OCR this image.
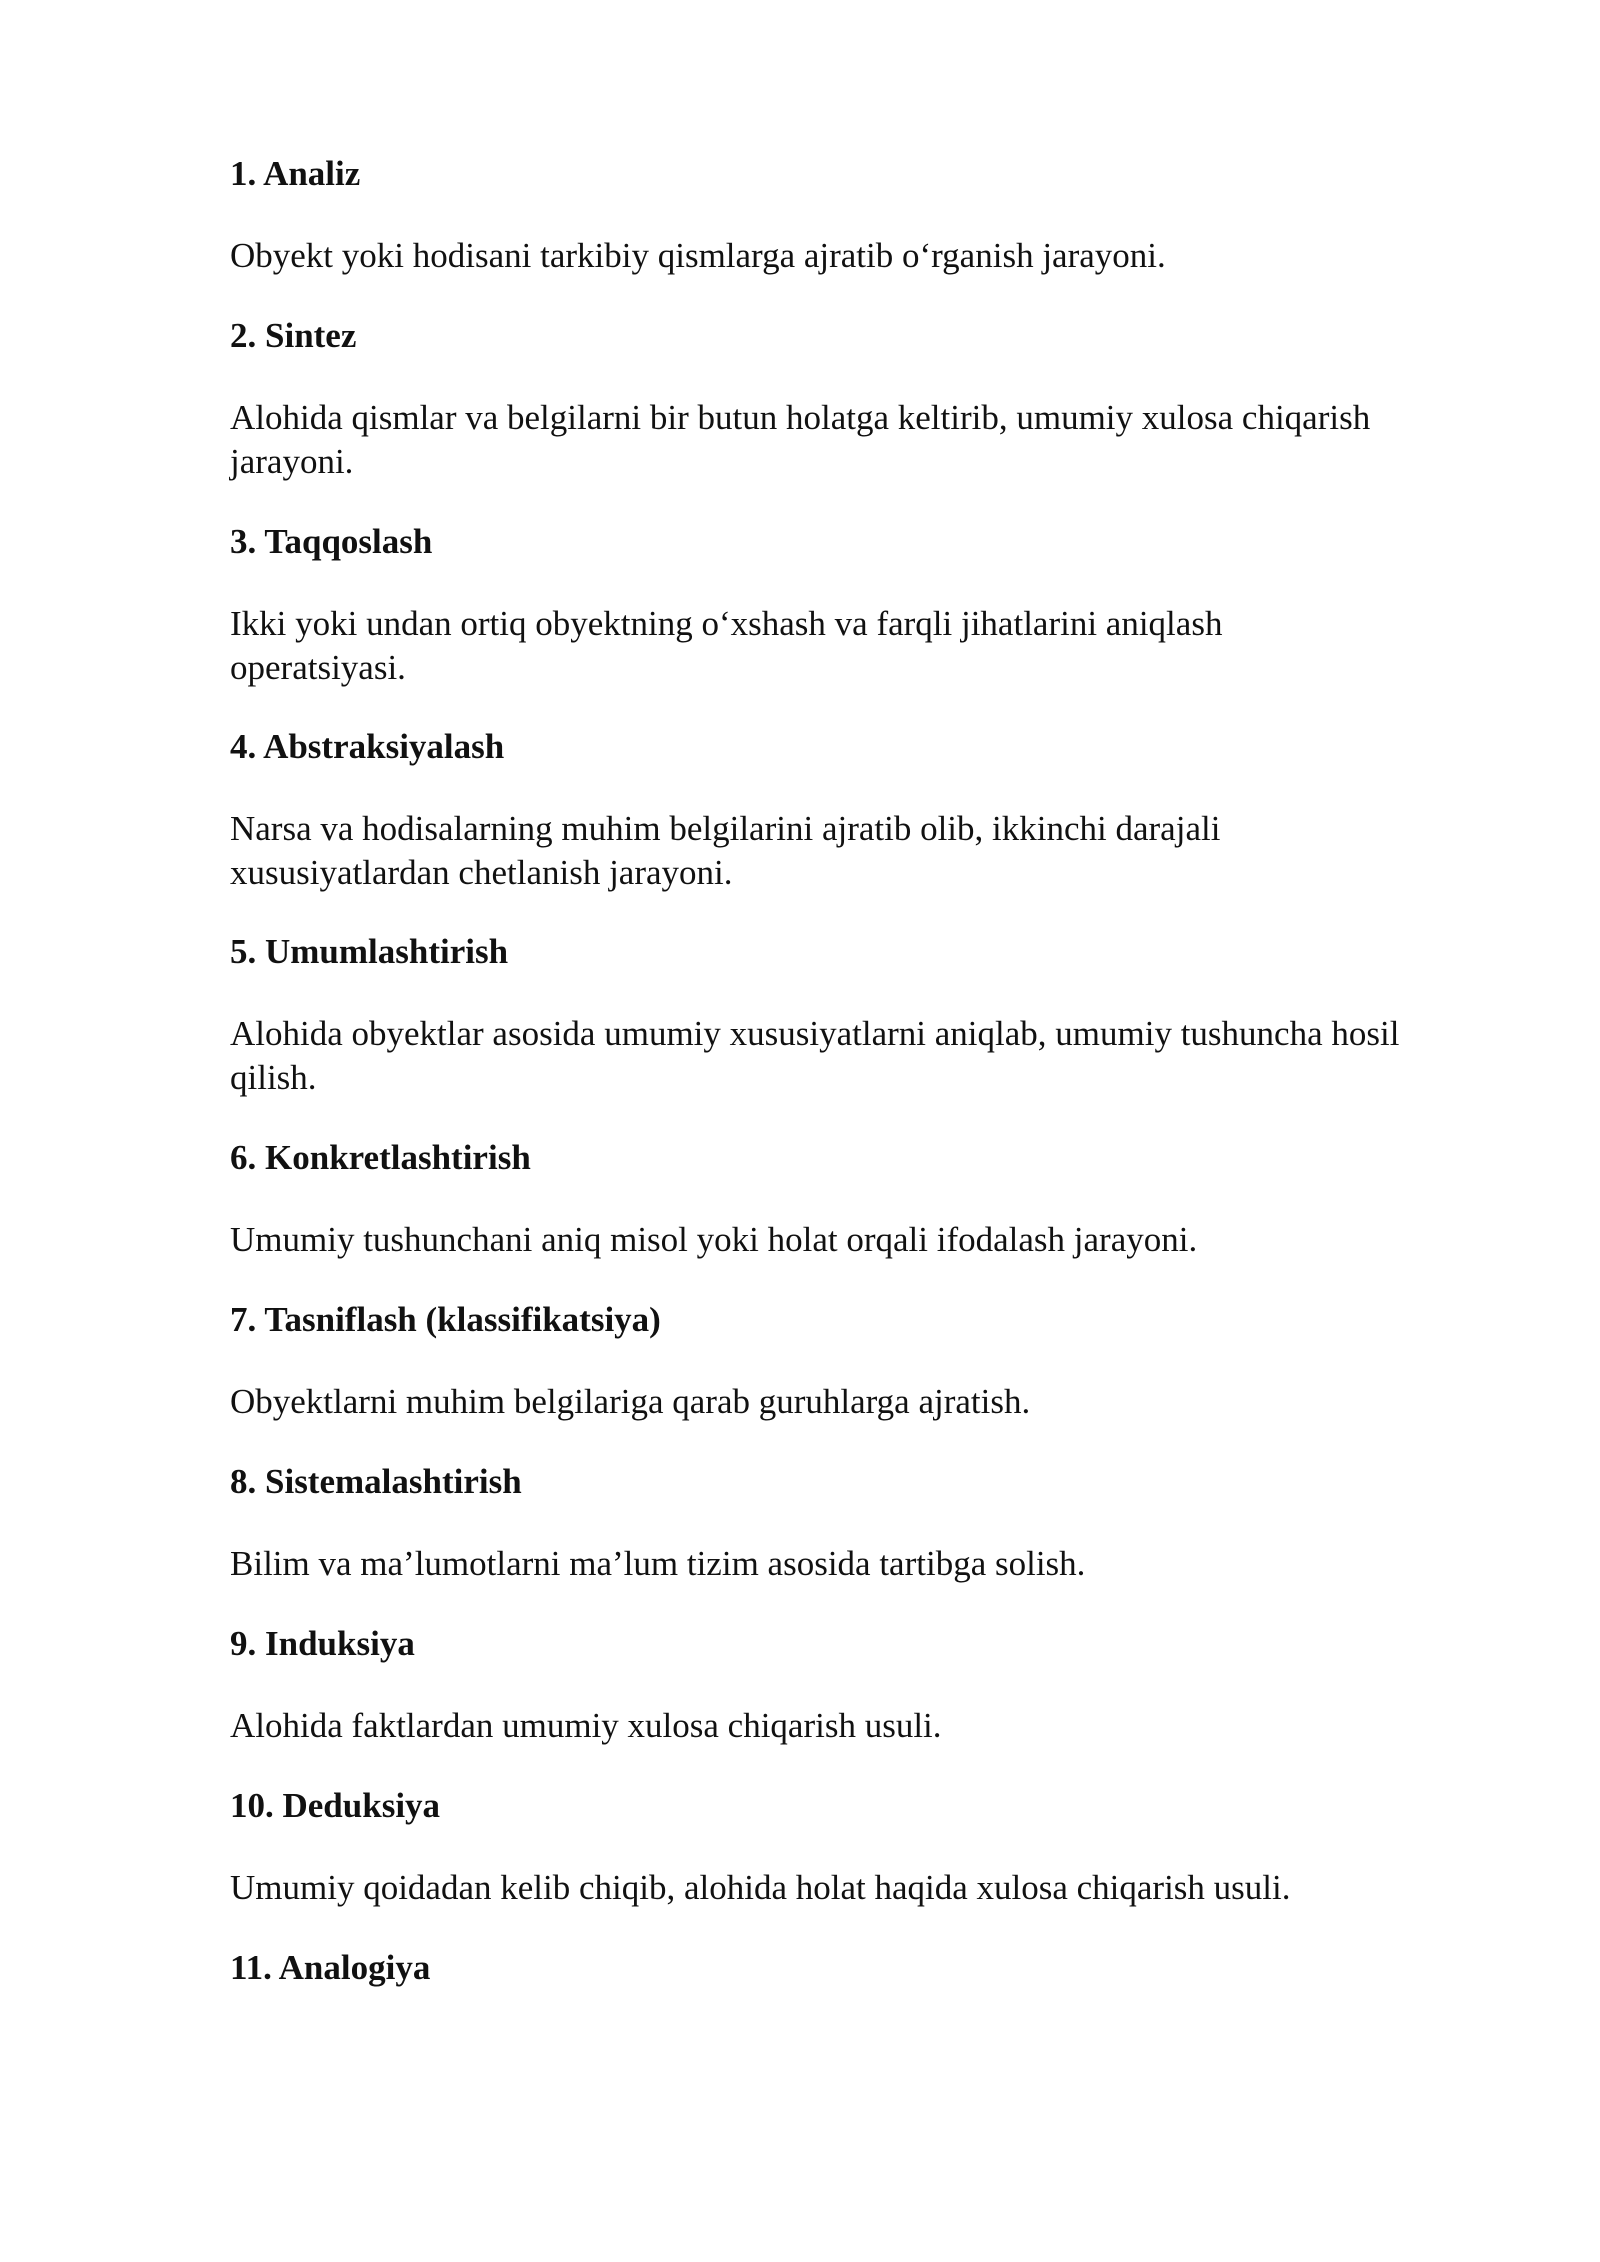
1. Analiz

Obyekt yoki hodisani tarkibiy qismlarga ajratib o‘rganish jarayoni.

2. Sintez

Alohida qismlar va belgilarni bir butun holatga keltirib, umumiy xulosa chiqarish jarayoni.

3. Taqqoslash

Ikki yoki undan ortiq obyektning o‘xshash va farqli jihatlarini aniqlash operatsiyasi.

4. Abstraksiyalash

Narsa va hodisalarning muhim belgilarini ajratib olib, ikkinchi darajali xususiyatlardan chetlanish jarayoni.

5. Umumlashtirish

Alohida obyektlar asosida umumiy xususiyatlarni aniqlab, umumiy tushuncha hosil qilish.

6. Konkretlashtirish

Umumiy tushunchani aniq misol yoki holat orqali ifodalash jarayoni.

7. Tasniflash (klassifikatsiya)

Obyektlarni muhim belgilariga qarab guruhlarga ajratish.

8. Sistemalashtirish

Bilim va ma’lumotlarni ma’lum tizim asosida tartibga solish.

9. Induksiya

Alohida faktlardan umumiy xulosa chiqarish usuli.

10. Deduksiya

Umumiy qoidadan kelib chiqib, alohida holat haqida xulosa chiqarish usuli.

11. Analogiya
